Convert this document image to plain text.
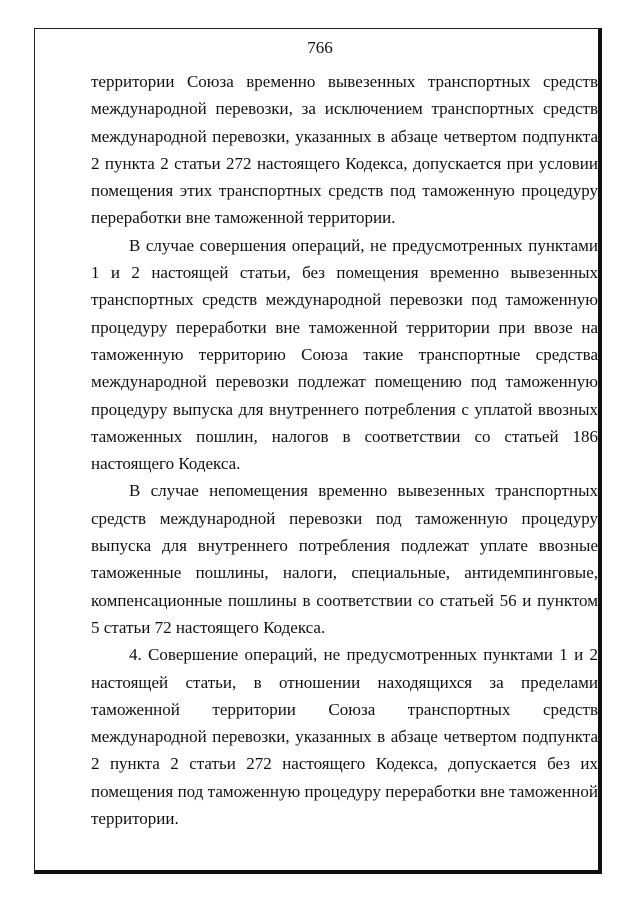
766

территории Союза временно вывезенных транспортных средств международной перевозки, за исключением транспортных средств международной перевозки, указанных в абзаце четвертом подпункта 2 пункта 2 статьи 272 настоящего Кодекса, допускается при условии помещения этих транспортных средств под таможенную процедуру переработки вне таможенной территории.

В случае совершения операций, не предусмотренных пунктами 1 и 2 настоящей статьи, без помещения временно вывезенных транспортных средств международной перевозки под таможенную процедуру переработки вне таможенной территории при ввозе на таможенную территорию Союза такие транспортные средства международной перевозки подлежат помещению под таможенную процедуру выпуска для внутреннего потребления с уплатой ввозных таможенных пошлин, налогов в соответствии со статьей 186 настоящего Кодекса.

В случае непомещения временно вывезенных транспортных средств международной перевозки под таможенную процедуру выпуска для внутреннего потребления подлежат уплате ввозные таможенные пошлины, налоги, специальные, антидемпинговые, компенсационные пошлины в соответствии со статьей 56 и пунктом 5 статьи 72 настоящего Кодекса.

4. Совершение операций, не предусмотренных пунктами 1 и 2 настоящей статьи, в отношении находящихся за пределами таможенной территории Союза транспортных средств международной перевозки, указанных в абзаце четвертом подпункта 2 пункта 2 статьи 272 настоящего Кодекса, допускается без их помещения под таможенную процедуру переработки вне таможенной территории.
